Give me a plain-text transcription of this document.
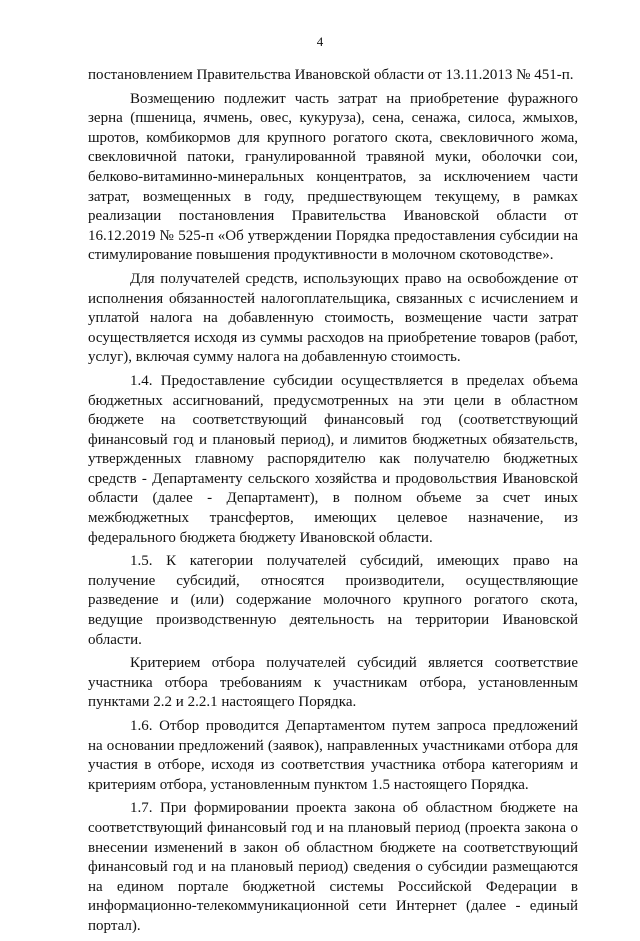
4

постановлением Правительства Ивановской области от 13.11.2013 № 451-п.

Возмещению подлежит часть затрат на приобретение фуражного зерна (пшеница, ячмень, овес, кукуруза), сена, сенажа, силоса, жмыхов, шротов, комбикормов для крупного рогатого скота, свекловичного жома, свекловичной патоки, гранулированной травяной муки, оболочки сои, белково-витаминно-минеральных концентратов, за исключением части затрат, возмещенных в году, предшествующем текущему, в рамках реализации постановления Правительства Ивановской области от 16.12.2019 № 525-п «Об утверждении Порядка предоставления субсидии на стимулирование повышения продуктивности в молочном скотоводстве».

Для получателей средств, использующих право на освобождение от исполнения обязанностей налогоплательщика, связанных с исчислением и уплатой налога на добавленную стоимость, возмещение части затрат осуществляется исходя из суммы расходов на приобретение товаров (работ, услуг), включая сумму налога на добавленную стоимость.

1.4. Предоставление субсидии осуществляется в пределах объема бюджетных ассигнований, предусмотренных на эти цели в областном бюджете на соответствующий финансовый год (соответствующий финансовый год и плановый период), и лимитов бюджетных обязательств, утвержденных главному распорядителю как получателю бюджетных средств - Департаменту сельского хозяйства и продовольствия Ивановской области (далее - Департамент), в полном объеме за счет иных межбюджетных трансфертов, имеющих целевое назначение, из федерального бюджета бюджету Ивановской области.

1.5. К категории получателей субсидий, имеющих право на получение субсидий, относятся производители, осуществляющие разведение и (или) содержание молочного крупного рогатого скота, ведущие производственную деятельность на территории Ивановской области.

Критерием отбора получателей субсидий является соответствие участника отбора требованиям к участникам отбора, установленным пунктами 2.2 и 2.2.1 настоящего Порядка.

1.6. Отбор проводится Департаментом путем запроса предложений на основании предложений (заявок), направленных участниками отбора для участия в отборе, исходя из соответствия участника отбора категориям и критериям отбора, установленным пунктом 1.5 настоящего Порядка.

1.7. При формировании проекта закона об областном бюджете на соответствующий финансовый год и на плановый период (проекта закона о внесении изменений в закон об областном бюджете на соответствующий финансовый год и на плановый период) сведения о субсидии размещаются на едином портале бюджетной системы Российской Федерации в информационно-телекоммуникационной сети Интернет (далее - единый портал).
